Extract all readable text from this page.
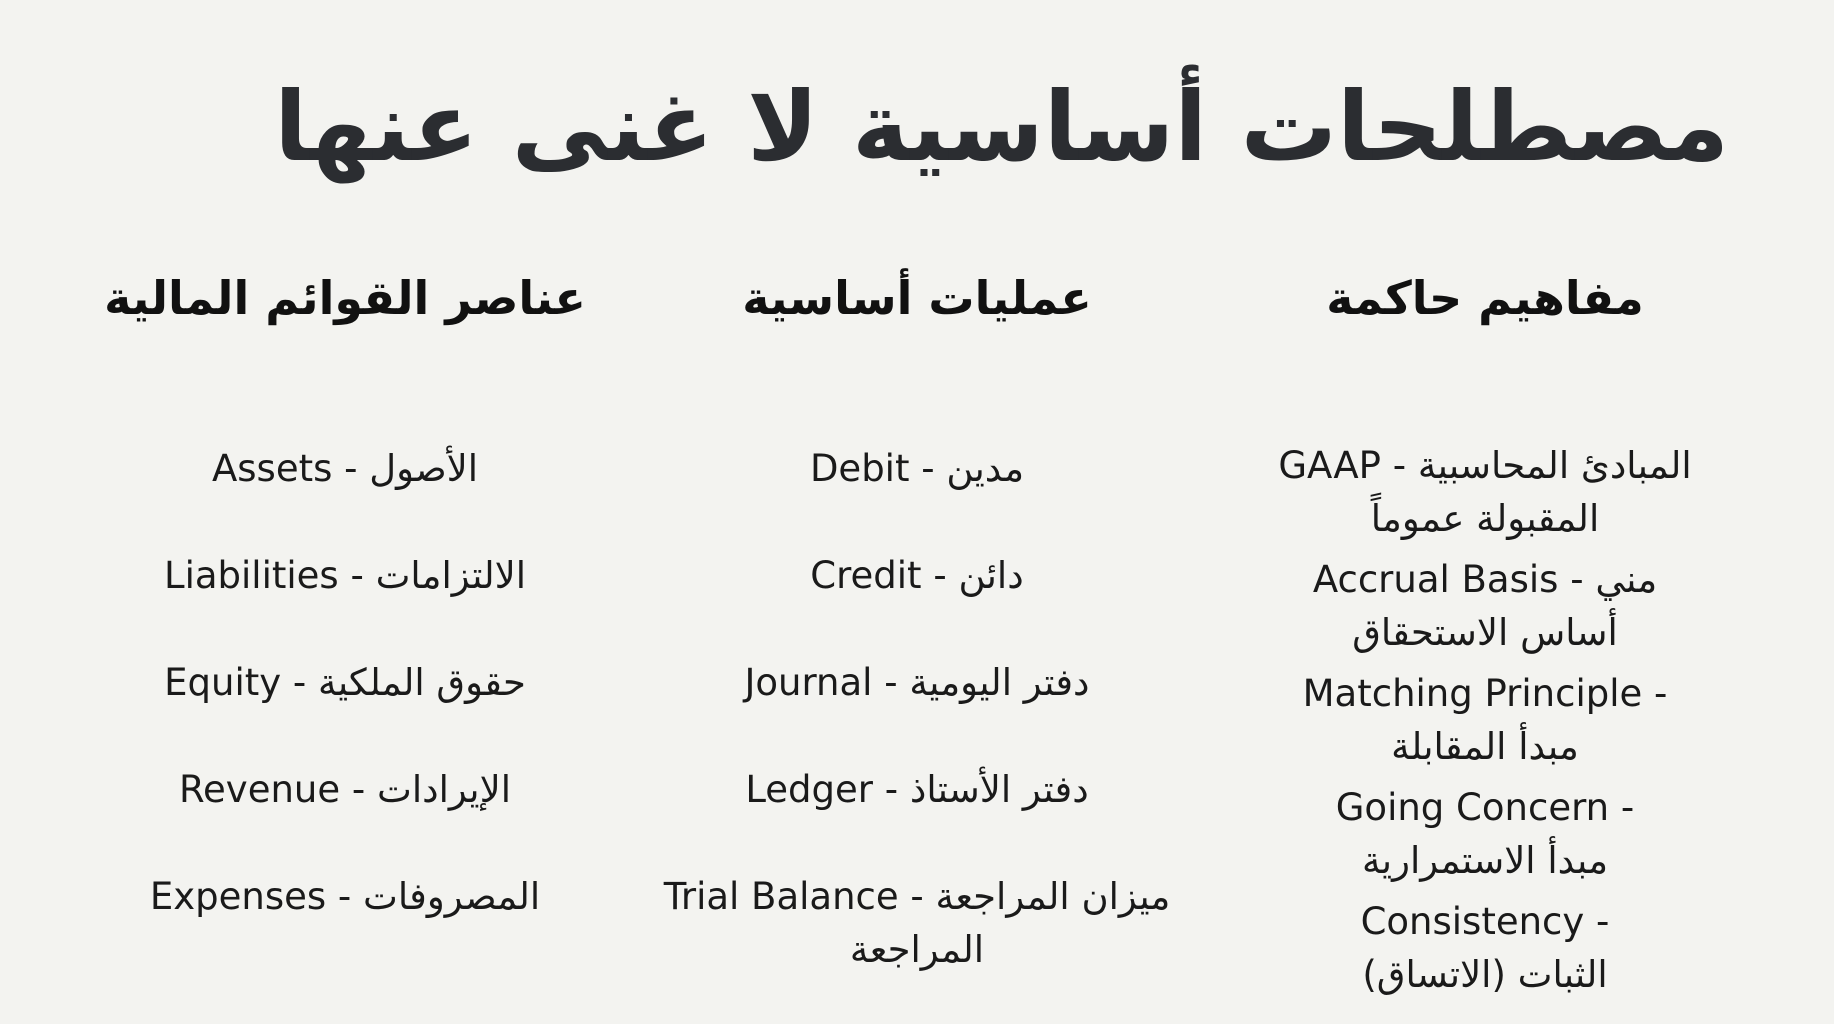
مصطلحات أساسية لا غنى عنها
عناصر القوائم المالية
Assets - الأصول
Liabilities - الالتزامات
Equity - حقوق الملكية
Revenue - الإيرادات
Expenses - المصروفات
عمليات أساسية
Debit - مدين
Credit - دائن
Journal - دفتر اليومية
Ledger - دفتر الأستاذ
Trial Balance - ميزان المراجعة المراجعة
مفاهيم حاكمة
GAAP - المبادئ المحاسبية
المقبولة عموماً
Accrual Basis - مني
أساس الاستحقاق
Matching Principle -
مبدأ المقابلة
Going Concern -
مبدأ الاستمرارية
Consistency -
الثبات (الاتساق)
